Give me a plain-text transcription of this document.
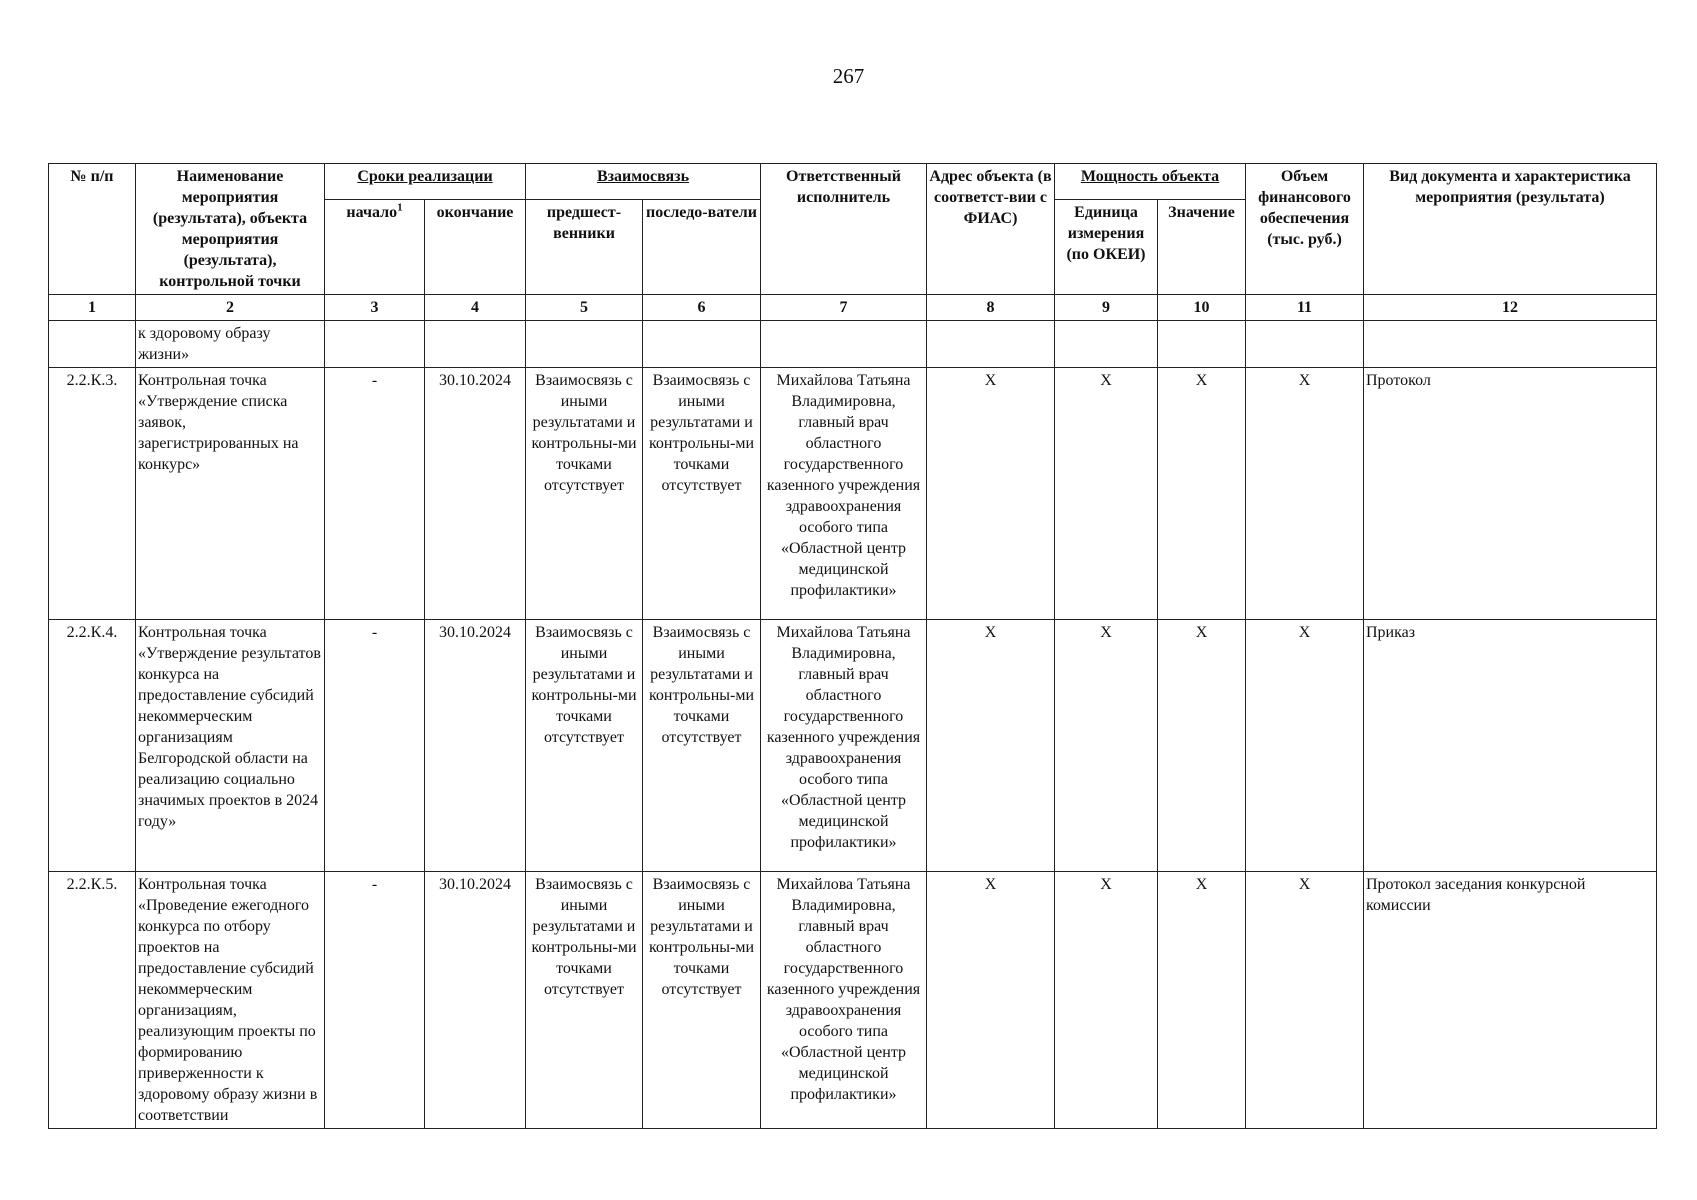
267
№ п/п	Наименование мероприятия (результата), объекта мероприятия (результата), контрольной точки	Сроки реализации		Взаимосвязь		Ответственный исполнитель	Адрес объекта (в соответст-вии с ФИАС)	Мощность объекта		Объем финансового обеспечения (тыс. руб.)	Вид документа и характеристика мероприятия (результата)
		начало$^1$	окончание	предшест-венники	последо-ватели			Единица измерения (по ОКЕИ)	Значение		
1	2	3	4	5	6	7	8	9	10	11	12
	к здоровому образу жизни»										
2.2.К.3.	Контрольная точка «Утверждение списка заявок, зарегистрированных на конкурс»	-	30.10.2024	Взаимосвязь с иными результатами и контрольны-ми точками отсутствует	Взаимосвязь с иными результатами и контрольны-ми точками отсутствует	Михайлова Татьяна Владимировна, главный врач областного государственного казенного учреждения здравоохранения особого типа «Областной центр медицинской профилактики»	Х	Х	Х	Х	Протокол
2.2.К.4.	Контрольная точка «Утверждение результатов конкурса на предоставление субсидий некоммерческим организациям Белгородской области на реализацию социально значимых проектов в 2024 году»	-	30.10.2024	Взаимосвязь с иными результатами и контрольны-ми точками отсутствует	Взаимосвязь с иными результатами и контрольны-ми точками отсутствует	Михайлова Татьяна Владимировна, главный врач областного государственного казенного учреждения здравоохранения особого типа «Областной центр медицинской профилактики»	Х	Х	Х	Х	Приказ
2.2.К.5.	Контрольная точка «Проведение ежегодного конкурса по отбору проектов на предоставление субсидий некоммерческим организациям, реализующим проекты по формированию приверженности к здоровому образу жизни в соответствии	-	30.10.2024	Взаимосвязь с иными результатами и контрольны-ми точками отсутствует	Взаимосвязь с иными результатами и контрольны-ми точками отсутствует	Михайлова Татьяна Владимировна, главный врач областного государственного казенного учреждения здравоохранения особого типа «Областной центр медицинской профилактики»	Х	Х	Х	Х	Протокол заседания конкурсной комиссии
